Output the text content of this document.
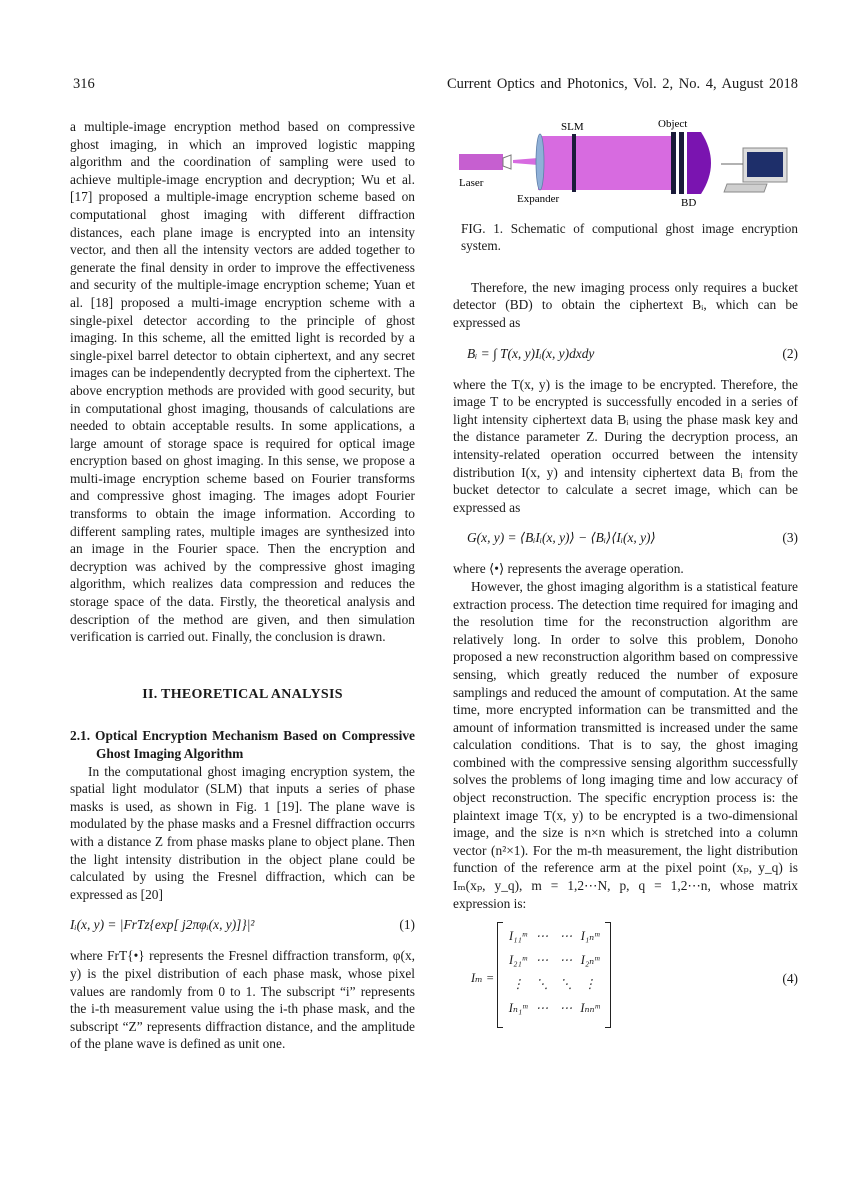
316	Current Optics and Photonics, Vol. 2, No. 4, August 2018

a multiple-image encryption method based on compressive ghost imaging, in which an improved logistic mapping algorithm and the coordination of sampling were used to achieve multiple-image encryption and decryption; Wu et al. [17] proposed a multiple-image encryption scheme based on computational ghost imaging with different diffraction distances, each plane image is encrypted into an intensity vector, and then all the intensity vectors are added together to generate the final density in order to improve the effectiveness and security of the multiple-image encryption scheme; Yuan et al. [18] proposed a multi-image encryption scheme with a single-pixel detector according to the principle of ghost imaging. In this scheme, all the emitted light is recorded by a single-pixel barrel detector to obtain ciphertext, and any secret images can be independently decrypted from the ciphertext. The above encryption methods are provided with good security, but in computational ghost imaging, thousands of calculations are needed to obtain acceptable results. In some applications, a large amount of storage space is required for optical image encryption based on ghost imaging. In this sense, we propose a multi-image encryption scheme based on Fourier transforms and compressive ghost imaging. The images adopt Fourier transforms to obtain the image information. According to different sampling rates, multiple images are synthesized into an image in the Fourier space. Then the encryption and decryption was achived by the compressive ghost imaging algorithm, which realizes data compression and reduces the storage space of the data. Firstly, the theoretical analysis and description of the method are given, and then simulation verification is carried out. Finally, the conclusion is drawn.

II. THEORETICAL ANALYSIS

2.1. Optical Encryption Mechanism Based on Compressive Ghost Imaging Algorithm

In the computational ghost imaging encryption system, the spatial light modulator (SLM) that inputs a series of phase masks is used, as shown in Fig. 1 [19]. The plane wave is modulated by the phase masks and a Fresnel diffraction occurrs with a distance Z from phase masks plane to object plane. Then the light intensity distribution in the object plane could be calculated by using the Fresnel diffraction, which can be expressed as [20]

Iᵢ(x, y) = |FrTz{exp[ j2πφᵢ(x, y)]}|²	(1)

where FrT{•} represents the Fresnel diffraction transform, φ(x, y) is the pixel distribution of each phase mask, whose pixel values are randomly from 0 to 1. The subscript “i” represents the i-th measurement value using the i-th phase mask, and the subscript “Z” represents diffraction distance, and the amplitude of the plane wave is defined as unit one.

SLM	Object
Laser
Expander	BD
FIG. 1. Schematic of computional ghost image encryption system.

Therefore, the new imaging process only requires a bucket detector (BD) to obtain the ciphertext Bᵢ, which can be expressed as

Bᵢ = ∫ T(x, y)Iᵢ(x, y)dxdy	(2)

where the T(x, y) is the image to be encrypted. Therefore, the image T to be encrypted is successfully encoded in a series of light intensity ciphertext data Bᵢ using the phase mask key and the distance parameter Z. During the decryption process, an intensity-related operation occurred between the intensity distribution I(x, y) and intensity ciphertext data Bᵢ from the bucket detector to calculate a secret image, which can be expressed as

G(x, y) = ⟨BᵢIᵢ(x, y)⟩ − ⟨Bᵢ⟩⟨Iᵢ(x, y)⟩	(3)

where ⟨•⟩ represents the average operation.

However, the ghost imaging algorithm is a statistical feature extraction process. The detection time required for imaging and the resolution time for the reconstruction algorithm are relatively long. In order to solve this problem, Donoho proposed a new reconstruction algorithm based on compressive sensing, which greatly reduced the number of exposure samplings and reduced the amount of computation. At the same time, more encrypted information can be transmitted and the amount of information transmitted is increased under the same calculation conditions. That is to say, the ghost imaging combined with the compressive sensing algorithm successfully solves the problems of long imaging time and low accuracy of object reconstruction. The specific encryption process is: the plaintext image T(x, y) to be encrypted is a two-dimensional image, and the size is n×n which is stretched into a column vector (n²×1). For the m-th measurement, the light distribution function of the reference arm at the pixel point (xₚ, y_q) is Iₘ(xₚ, y_q), m = 1,2⋯N, p, q = 1,2⋯n, whose matrix expression is:

Iₘ =
I₁₁ᵐ ⋯ ⋯ I₁ₙᵐ
I₂₁ᵐ ⋯ ⋯ I₂ₙᵐ
⋮ ⋱ ⋱ ⋮
Iₙ₁ᵐ ⋯ ⋯ Iₙₙᵐ
(4)
